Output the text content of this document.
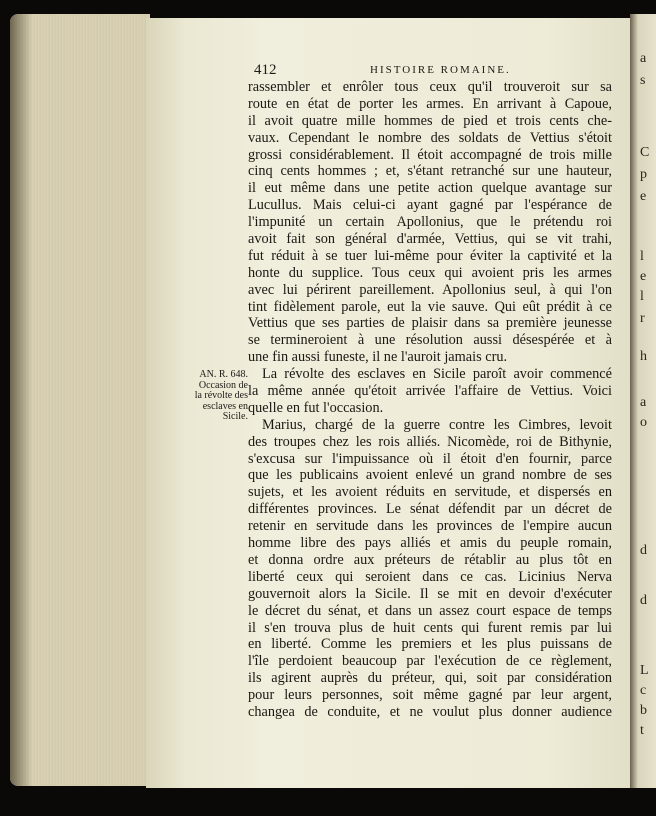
a
s
C
p
e
l
e
l
r
h
a
o
d
d
L
c
b
t
412	HISTOIRE ROMAINE.
AN. R. 648.
Occasion de
la révolte des
esclaves en
Sicile.
rassembler et enrôler tous ceux qu'il trouveroit sur sa
route en état de porter les armes. En arrivant à Capoue,
il avoit quatre mille hommes de pied et trois cents che-
vaux. Cependant le nombre des soldats de Vettius s'étoit
grossi considérablement. Il étoit accompagné de trois mille
cinq cents hommes ; et, s'étant retranché sur une hauteur,
il eut même dans une petite action quelque avantage sur
Lucullus. Mais celui-ci ayant gagné par l'espérance de
l'impunité un certain Apollonius, que le prétendu roi
avoit fait son général d'armée, Vettius, qui se vit trahi,
fut réduit à se tuer lui-même pour éviter la captivité et la
honte du supplice. Tous ceux qui avoient pris les armes
avec lui périrent pareillement. Apollonius seul, à qui l'on
tint fidèlement parole, eut la vie sauve. Qui eût prédit à ce
Vettius que ses parties de plaisir dans sa première jeunesse
se termineroient à une résolution aussi désespérée et à
une fin aussi funeste, il ne l'auroit jamais cru.
La révolte des esclaves en Sicile paroît avoir commencé
la même année qu'étoit arrivée l'affaire de Vettius. Voici
quelle en fut l'occasion.
Marius, chargé de la guerre contre les Cimbres, levoit
des troupes chez les rois alliés. Nicomède, roi de Bithynie,
s'excusa sur l'impuissance où il étoit d'en fournir, parce
que les publicains avoient enlevé un grand nombre de ses
sujets, et les avoient réduits en servitude, et dispersés en
différentes provinces. Le sénat défendit par un décret de
retenir en servitude dans les provinces de l'empire aucun
homme libre des pays alliés et amis du peuple romain,
et donna ordre aux préteurs de rétablir au plus tôt en
liberté ceux qui seroient dans ce cas. Licinius Nerva
gouvernoit alors la Sicile. Il se mit en devoir d'exécuter
le décret du sénat, et dans un assez court espace de temps
il s'en trouva plus de huit cents qui furent remis par lui
en liberté. Comme les premiers et les plus puissans de
l'île perdoient beaucoup par l'exécution de ce règlement,
ils agirent auprès du préteur, qui, soit par considération
pour leurs personnes, soit même gagné par leur argent,
changea de conduite, et ne voulut plus donner audience
